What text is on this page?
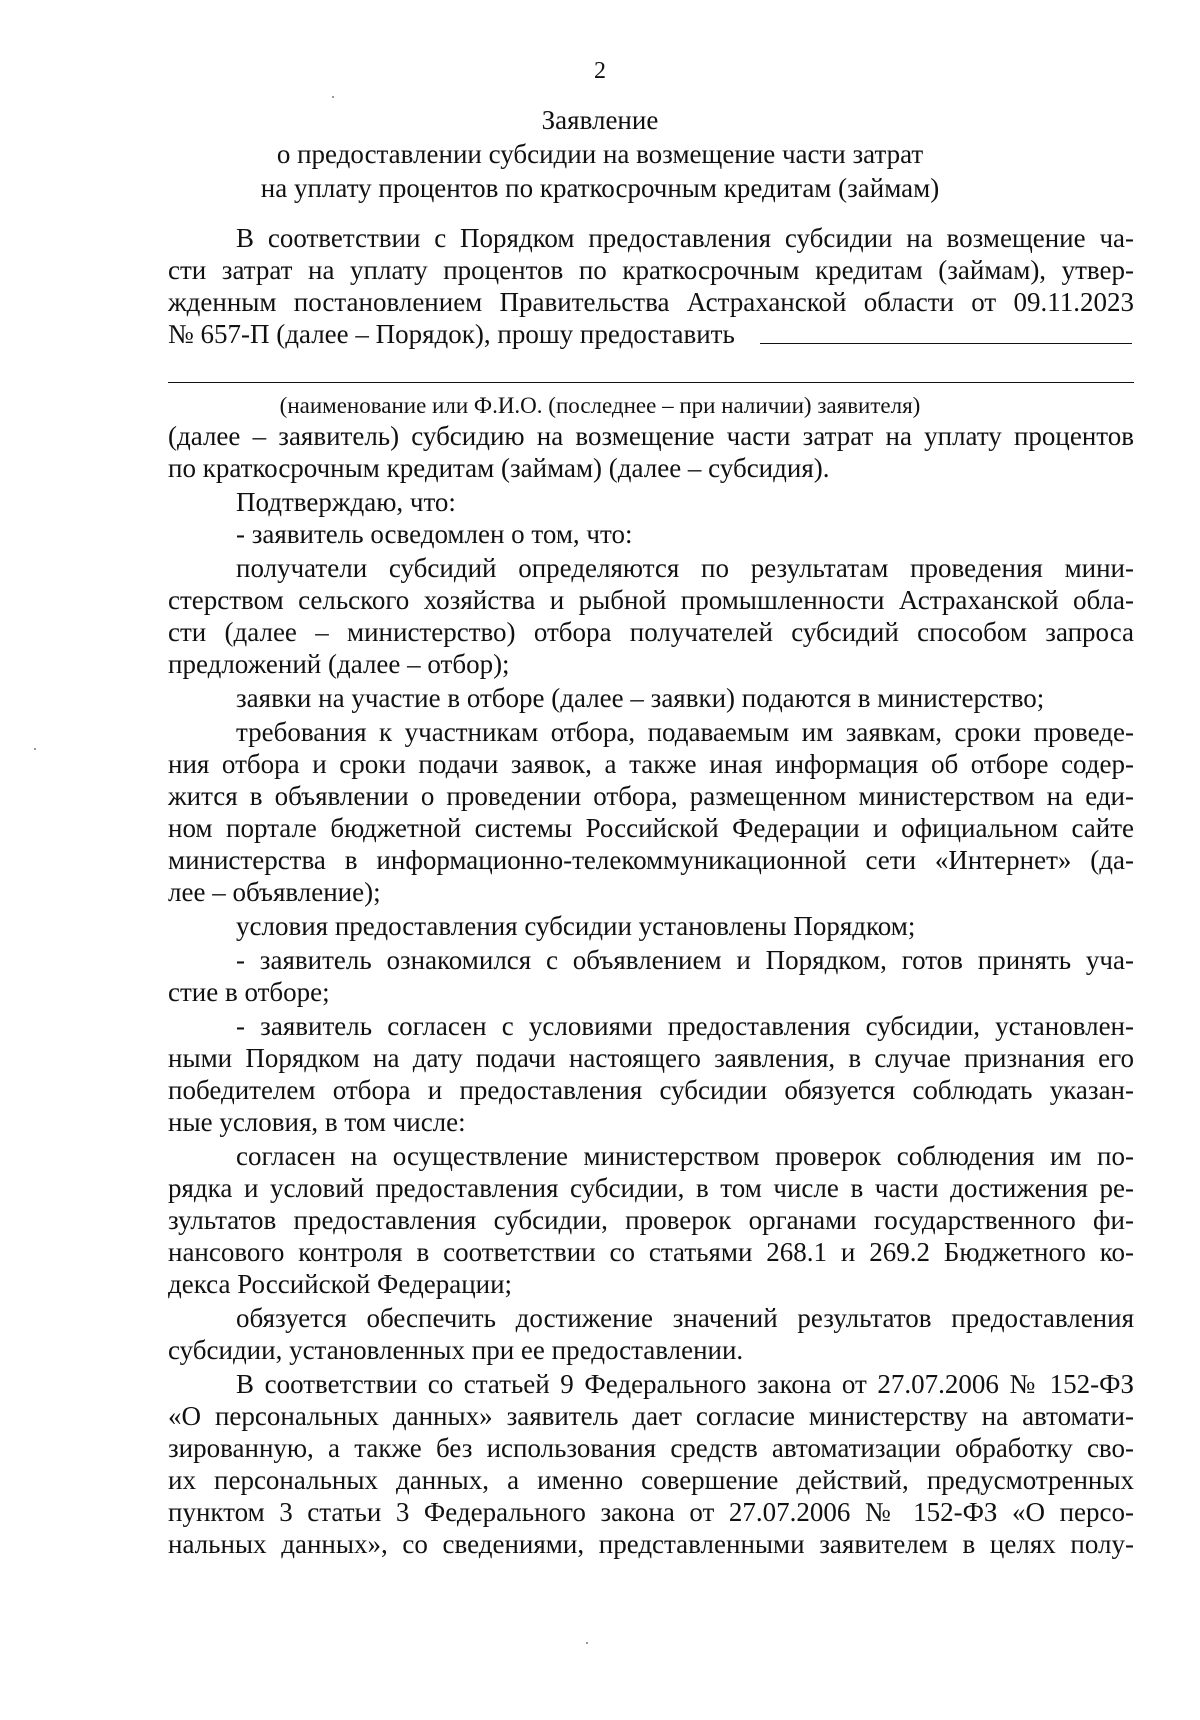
2
Заявление
о предоставлении субсидии на возмещение части затрат
на уплату процентов по краткосрочным кредитам (займам)
В соответствии с Порядком предоставления субсидии на возмещение ча-
сти затрат на уплату процентов по краткосрочным кредитам (займам), утвер-
жденным постановлением Правительства Астраханской области от 09.11.2023
№ 657-П (далее – Порядок), прошу предоставить
(наименование или Ф.И.О. (последнее – при наличии) заявителя)
(далее – заявитель) субсидию на возмещение части затрат на уплату процентов
по краткосрочным кредитам (займам) (далее – субсидия).
Подтверждаю, что:
- заявитель осведомлен о том, что:
получатели субсидий определяются по результатам проведения мини-
стерством сельского хозяйства и рыбной промышленности Астраханской обла-
сти (далее – министерство) отбора получателей субсидий способом запроса
предложений (далее – отбор);
заявки на участие в отборе (далее – заявки) подаются в министерство;
требования к участникам отбора, подаваемым им заявкам, сроки проведе-
ния отбора и сроки подачи заявок, а также иная информация об отборе содер-
жится в объявлении о проведении отбора, размещенном министерством на еди-
ном портале бюджетной системы Российской Федерации и официальном сайте
министерства в информационно-телекоммуникационной сети «Интернет» (да-
лее – объявление);
условия предоставления субсидии установлены Порядком;
- заявитель ознакомился с объявлением и Порядком, готов принять уча-
стие в отборе;
- заявитель согласен с условиями предоставления субсидии, установлен-
ными Порядком на дату подачи настоящего заявления, в случае признания его
победителем отбора и предоставления субсидии обязуется соблюдать указан-
ные условия, в том числе:
согласен на осуществление министерством проверок соблюдения им по-
рядка и условий предоставления субсидии, в том числе в части достижения ре-
зультатов предоставления субсидии, проверок органами государственного фи-
нансового контроля в соответствии со статьями 268.1 и 269.2 Бюджетного ко-
декса Российской Федерации;
обязуется обеспечить достижение значений результатов предоставления
субсидии, установленных при ее предоставлении.
В соответствии со статьей 9 Федерального закона от 27.07.2006 № 152-ФЗ
«О персональных данных» заявитель дает согласие министерству на автомати-
зированную, а также без использования средств автоматизации обработку сво-
их персональных данных, а именно совершение действий, предусмотренных
пунктом 3 статьи 3 Федерального закона от 27.07.2006 № 152-ФЗ «О персо-
нальных данных», со сведениями, представленными заявителем в целях полу-
